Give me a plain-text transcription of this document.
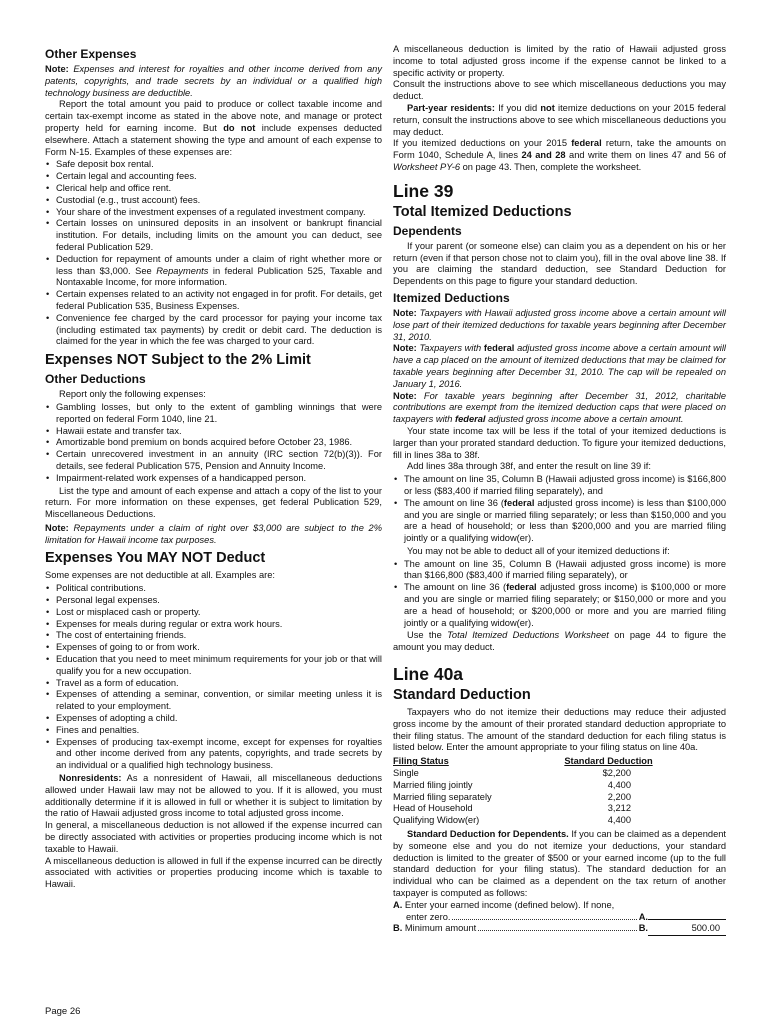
Other Expenses

Note: Expenses and interest for royalties and other income derived from any patents, copyrights, and trade secrets by an individual or a qualified high technology business are deductible.

Report the total amount you paid to produce or collect taxable income and certain tax-exempt income as stated in the above note, and manage or protect property held for earning income. But do not include expenses deducted elsewhere. Attach a statement showing the type and amount of each expense to Form N-15. Examples of these expenses are:

• Safe deposit box rental.
• Certain legal and accounting fees.
• Clerical help and office rent.
• Custodial (e.g., trust account) fees.
• Your share of the investment expenses of a regulated investment company.
• Certain losses on uninsured deposits in an insolvent or bankrupt financial institution. For details, including limits on the amount you can deduct, see federal Publication 529.
• Deduction for repayment of amounts under a claim of right whether more or less than $3,000. See Repayments in federal Publication 525, Taxable and Nontaxable Income, for more information.
• Certain expenses related to an activity not engaged in for profit. For details, get federal Publication 535, Business Expenses.
• Convenience fee charged by the card processor for paying your income tax (including estimated tax payments) by credit or debit card. The deduction is claimed for the year in which the fee was charged to your card.
Expenses NOT Subject to the 2% Limit
Other Deductions

Report only the following expenses:

• Gambling losses, but only to the extent of gambling winnings that were reported on federal Form 1040, line 21.
• Hawaii estate and transfer tax.
• Amortizable bond premium on bonds acquired before October 23, 1986.
• Certain unrecovered investment in an annuity (IRC section 72(b)(3)). For details, see federal Publication 575, Pension and Annuity Income.
• Impairment-related work expenses of a handicapped person.

List the type and amount of each expense and attach a copy of the list to your return. For more information on these expenses, get federal Publication 529, Miscellaneous Deductions.

Note: Repayments under a claim of right over $3,000 are subject to the 2% limitation for Hawaii income tax purposes.

Expenses You MAY NOT Deduct

Some expenses are not deductible at all. Examples are:

• Political contributions.
• Personal legal expenses.
• Lost or misplaced cash or property.
• Expenses for meals during regular or extra work hours.
• The cost of entertaining friends.
• Expenses of going to or from work.
• Education that you need to meet minimum requirements for your job or that will qualify you for a new occupation.
• Travel as a form of education.
• Expenses of attending a seminar, convention, or similar meeting unless it is related to your employment.
• Expenses of adopting a child.
• Fines and penalties.
• Expenses of producing tax-exempt income, except for expenses for royalties and other income derived from any patents, copyrights, and trade secrets by an individual or a qualified high technology business.

Nonresidents: As a nonresident of Hawaii, all miscellaneous deductions allowed under Hawaii law may not be allowed to you. If it is allowed, you must additionally determine if it is allowed in full or whether it is subject to limitation by the ratio of Hawaii adjusted gross income to total adjusted gross income.

In general, a miscellaneous deduction is not allowed if the expense incurred can be directly associated with activities or properties producing income which is not taxable to Hawaii.

A miscellaneous deduction is allowed in full if the expense incurred can be directly associated with activities or properties producing income which is taxable to Hawaii.

A miscellaneous deduction is limited by the ratio of Hawaii adjusted gross income to total adjusted gross income if the expense cannot be linked to a specific activity or property.

Consult the instructions above to see which miscellaneous deductions you may deduct.

Part-year residents: If you did not itemize deductions on your 2015 federal return, consult the instructions above to see which miscellaneous deductions you may deduct.

If you itemized deductions on your 2015 federal return, take the amounts on Form 1040, Schedule A, lines 24 and 28 and write them on lines 47 and 56 of Worksheet PY-6 on page 43. Then, complete the worksheet.

Line 39
Total Itemized Deductions
Dependents

If your parent (or someone else) can claim you as a dependent on his or her return (even if that person chose not to claim you), fill in the oval above line 38. If you are claiming the standard deduction, see Standard Deduction for Dependents on this page to figure your standard deduction.

Itemized Deductions

Note: Taxpayers with Hawaii adjusted gross income above a certain amount will lose part of their itemized deductions for taxable years beginning after December 31, 2010.

Note: Taxpayers with federal adjusted gross income above a certain amount will have a cap placed on the amount of itemized deductions that may be claimed for taxable years beginning after December 31, 2010. The cap will be repealed on January 1, 2016.

Note: For taxable years beginning after December 31, 2012, charitable contributions are exempt from the itemized deduction caps that were placed on taxpayers with federal adjusted gross income above a certain amount.

Your state income tax will be less if the total of your itemized deductions is larger than your prorated standard deduction. To figure your itemized deductions, fill in lines 38a to 38f.

Add lines 38a through 38f, and enter the result on line 39 if:

• The amount on line 35, Column B (Hawaii adjusted gross income) is $166,800 or less ($83,400 if married filing separately), and
• The amount on line 36 (federal adjusted gross income) is less than $100,000 and you are single or married filing separately; or less than $150,000 and you are a head of household; or less than $200,000 and you are married filing jointly or a qualifying widow(er).

You may not be able to deduct all of your itemized deductions if:

• The amount on line 35, Column B (Hawaii adjusted gross income) is more than $166,800 ($83,400 if married filing separately), or
• The amount on line 36 (federal adjusted gross income) is $100,000 or more and you are single or married filing separately; or $150,000 or more and you are a head of household; or $200,000 or more and you are married filing jointly or a qualifying widow(er).

Use the Total Itemized Deductions Worksheet on page 44 to figure the amount you may deduct.

Line 40a
Standard Deduction

Taxpayers who do not itemize their deductions may reduce their adjusted gross income by the amount of their prorated standard deduction appropriate to their filing status. The amount of the standard deduction for each filing status is listed below. Enter the amount appropriate to your filing status on line 40a.

Filing Status	Standard Deduction
Single	$2,200
Married filing jointly	4,400
Married filing separately	2,200
Head of Household	3,212
Qualifying Widow(er)	4,400

Standard Deduction for Dependents. If you can be claimed as a dependent by someone else and you do not itemize your deductions, your standard deduction is limited to the greater of $500 or your earned income (up to the full standard deduction for your filing status). The standard deduction for an individual who can be claimed as a dependent on the tax return of another taxpayer is computed as follows:

A. Enter your earned income (defined below). If none,
enter zero.	A.
B.
Minimum amount	B.	500.00
Page 26
